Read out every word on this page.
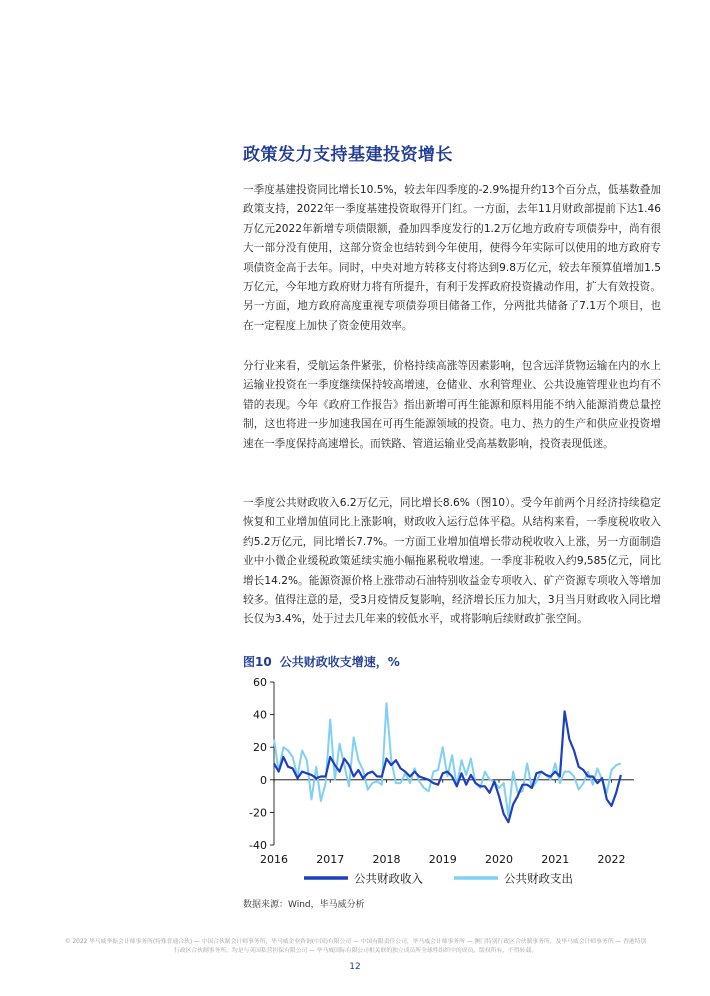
政策发力支持基建投资增长

一季度基建投资同比增长10.5%，较去年四季度的-2.9%提升约13个百分点，低基数叠加政策支持，2022年一季度基建投资取得开门红。一方面，去年11月财政部提前下达1.46万亿元2022年新增专项债限额，叠加四季度发行的1.2万亿地方政府专项债券中，尚有很大一部分没有使用，这部分资金也结转到今年使用，使得今年实际可以使用的地方政府专项债资金高于去年。同时，中央对地方转移支付将达到9.8万亿元，较去年预算值增加1.5万亿元，今年地方政府财力将有所提升，有利于发挥政府投资撬动作用，扩大有效投资。另一方面，地方政府高度重视专项债券项目储备工作，分两批共储备了7.1万个项目，也在一定程度上加快了资金使用效率。

分行业来看，受航运条件紧张，价格持续高涨等因素影响，包含远洋货物运输在内的水上运输业投资在一季度继续保持较高增速，仓储业、水利管理业、公共设施管理业也均有不错的表现。今年《政府工作报告》指出新增可再生能源和原料用能不纳入能源消费总量控制，这也将进一步加速我国在可再生能源领域的投资。电力、热力的生产和供应业投资增速在一季度保持高速增长。而铁路、管道运输业受高基数影响，投资表现低迷。

一季度公共财政收入6.2万亿元，同比增长8.6%（图10）。受今年前两个月经济持续稳定恢复和工业增加值同比上涨影响，财政收入运行总体平稳。从结构来看，一季度税收收入约5.2万亿元，同比增长7.7%。一方面工业增加值增长带动税收收入上涨，另一方面制造业中小微企业缓税政策延续实施小幅拖累税收增速。一季度非税收入约9,585亿元，同比增长14.2%。能源资源价格上涨带动石油特别收益金专项收入、矿产资源专项收入等增加较多。值得注意的是，受3月疫情反复影响，经济增长压力加大，3月当月财政收入同比增长仅为3.4%，处于过去几年来的较低水平，或将影响后续财政扩张空间。

图10 公共财政收支增速，%

-40
-20
0
20
40
60
2016	2017	2018	2019	2020	2021	2022
公共财政收入	公共财政支出

数据来源：Wind，毕马威分析

© 2022 毕马威华振会计师事务所(特殊普通合伙) — 中国合伙制会计师事务所，毕马威企业咨询(中国)有限公司 — 中国有限责任公司，毕马威会计师事务所 — 澳门特别行政区合伙制事务所，及毕马威会计师事务所 — 香港特别行政区合伙制事务所，均是与英国私营担保有限公司 — 毕马威国际有限公司相关联的独立成员所全球性组织中的成员。版权所有，不得转载。

12
